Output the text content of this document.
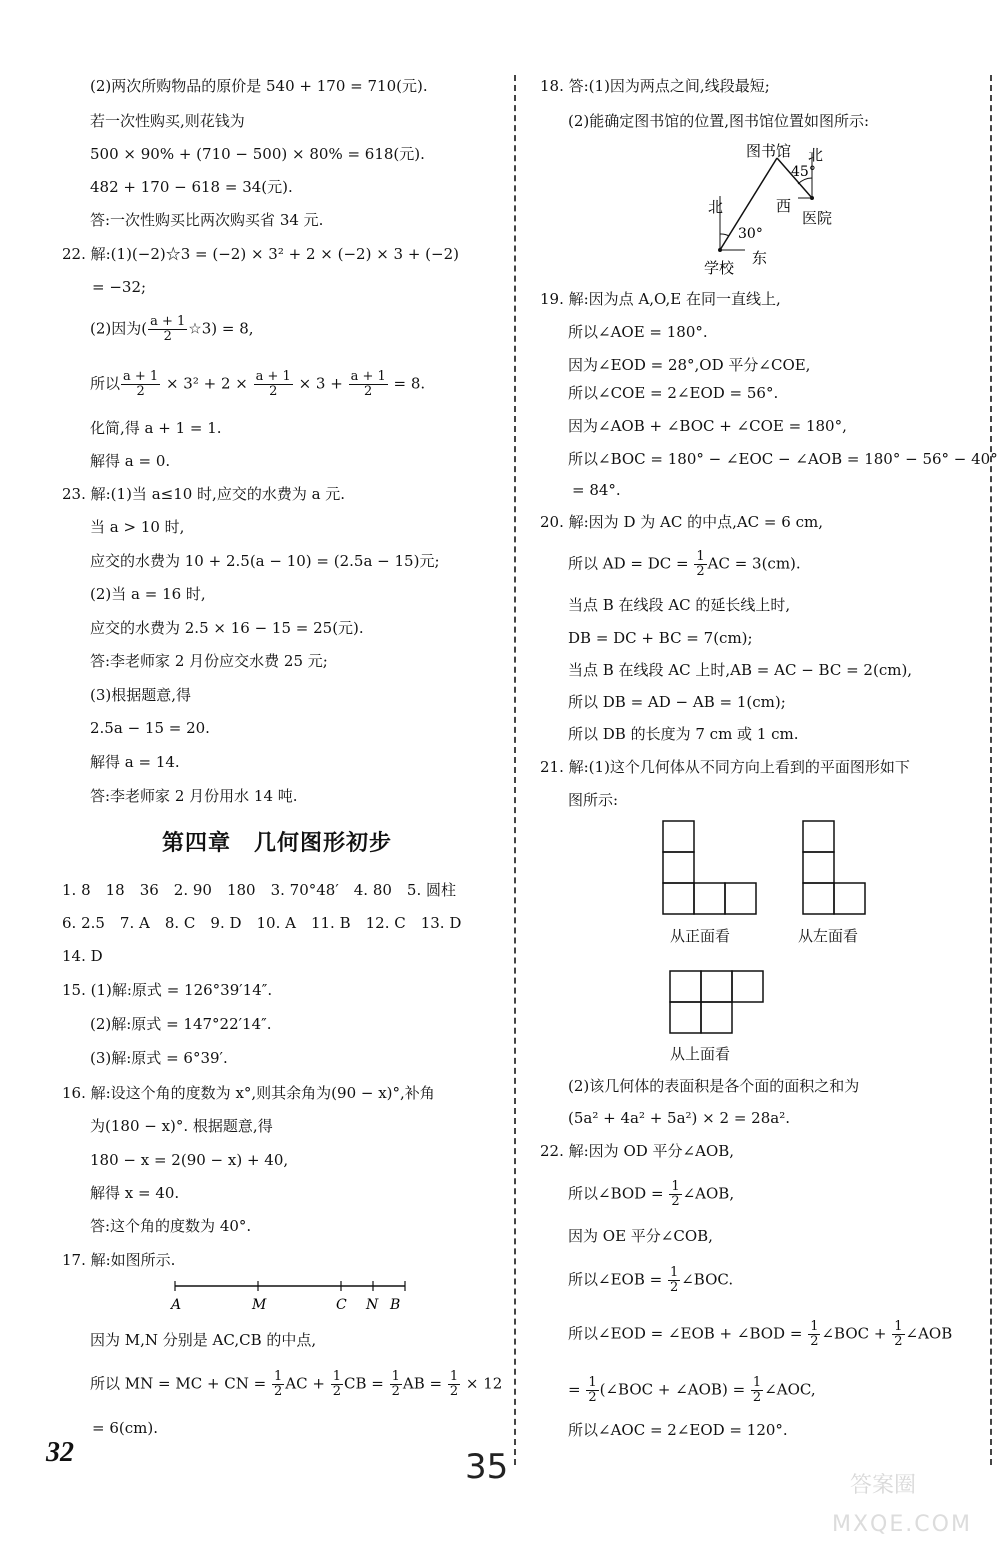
(2)两次所购物品的原价是 540 + 170 = 710(元).
若一次性购买,则花钱为
500 × 90% + (710 − 500) × 80% = 618(元).
482 + 170 − 618 = 34(元).
答:一次性购买比两次购买省 34 元.
22. 解:(1)(−2)☆3 = (−2) × 3² + 2 × (−2) × 3 + (−2)
= −32;
(2)因为( $\frac{a + 1}{2}$ ☆3) = 8,
所以 $\frac{a + 1}{2} \times 3^2 + 2 \times \frac{a + 1}{2} \times 3 + \frac{a + 1}{2} = 8$.
化简,得 a + 1 = 1.
解得 a = 0.
23. 解:(1)当 a≤10 时,应交的水费为 a 元.
当 a > 10 时,
应交的水费为 10 + 2.5(a − 10) = (2.5a − 15)元;
(2)当 a = 16 时,
应交的水费为 2.5 × 16 − 15 = 25(元).
答:李老师家 2 月份应交水费 25 元;
(3)根据题意,得
2.5a − 15 = 20.
解得 a = 14.
答:李老师家 2 月份用水 14 吨.
第四章　几何图形初步
1. 8　18　36　2. 90　180　3. 70°48′　4. 80　5. 圆柱
6. 2.5　7. A　8. C　9. D　10. A　11. B　12. C　13. D
14. D
15. (1)解:原式 = 126°39′14″.
(2)解:原式 = 147°22′14″.
(3)解:原式 = 6°39′.
16. 解:设这个角的度数为 x°,则其余角为(90 − x)°,补角
为(180 − x)°. 根据题意,得
180 − x = 2(90 − x) + 40,
解得 x = 40.
答:这个角的度数为 40°.
17. 解:如图所示.
A	M	C N B
因为 M,N 分别是 AC,CB 的中点,
所以 MN = MC + CN = $\frac{1}{2}$ AC + $\frac{1}{2}$ CB = $\frac{1}{2}$ AB = $\frac{1}{2} \times 12$
= 6(cm).
18. 答:(1)因为两点之间,线段最短;
(2)能确定图书馆的位置,图书馆位置如图所示:
图书馆 北
45°
西
医院
北
30°
东
学校
19. 解:因为点 A,O,E 在同一直线上,
所以∠AOE = 180°.
因为∠EOD = 28°,OD 平分∠COE,
所以∠COE = 2∠EOD = 56°.
因为∠AOB + ∠BOC + ∠COE = 180°,
所以∠BOC = 180° − ∠EOC − ∠AOB = 180° − 56° − 40°
= 84°.
20. 解:因为 D 为 AC 的中点,AC = 6 cm,
所以 AD = DC = $\frac{1}{2}$ AC = 3(cm).
当点 B 在线段 AC 的延长线上时,
DB = DC + BC = 7(cm);
当点 B 在线段 AC 上时,AB = AC − BC = 2(cm),
所以 DB = AD − AB = 1(cm);
所以 DB 的长度为 7 cm 或 1 cm.
21. 解:(1)这个几何体从不同方向上看到的平面图形如下
图所示:
从正面看	从左面看
从上面看
(2)该几何体的表面积是各个面的面积之和为
(5a² + 4a² + 5a²) × 2 = 28a².
22. 解:因为 OD 平分∠AOB,
所以∠BOD = $\frac{1}{2}$ ∠AOB,
因为 OE 平分∠COB,
所以∠EOB = $\frac{1}{2}$ ∠BOC.
所以∠EOD = ∠EOB + ∠BOD = $\frac{1}{2}$ ∠BOC + $\frac{1}{2}$ ∠AOB
= $\frac{1}{2}$ (∠BOC + ∠AOB) = $\frac{1}{2}$ ∠AOC,
所以∠AOC = 2∠EOD = 120°.
32	35	答案圈
MXQE.COM
